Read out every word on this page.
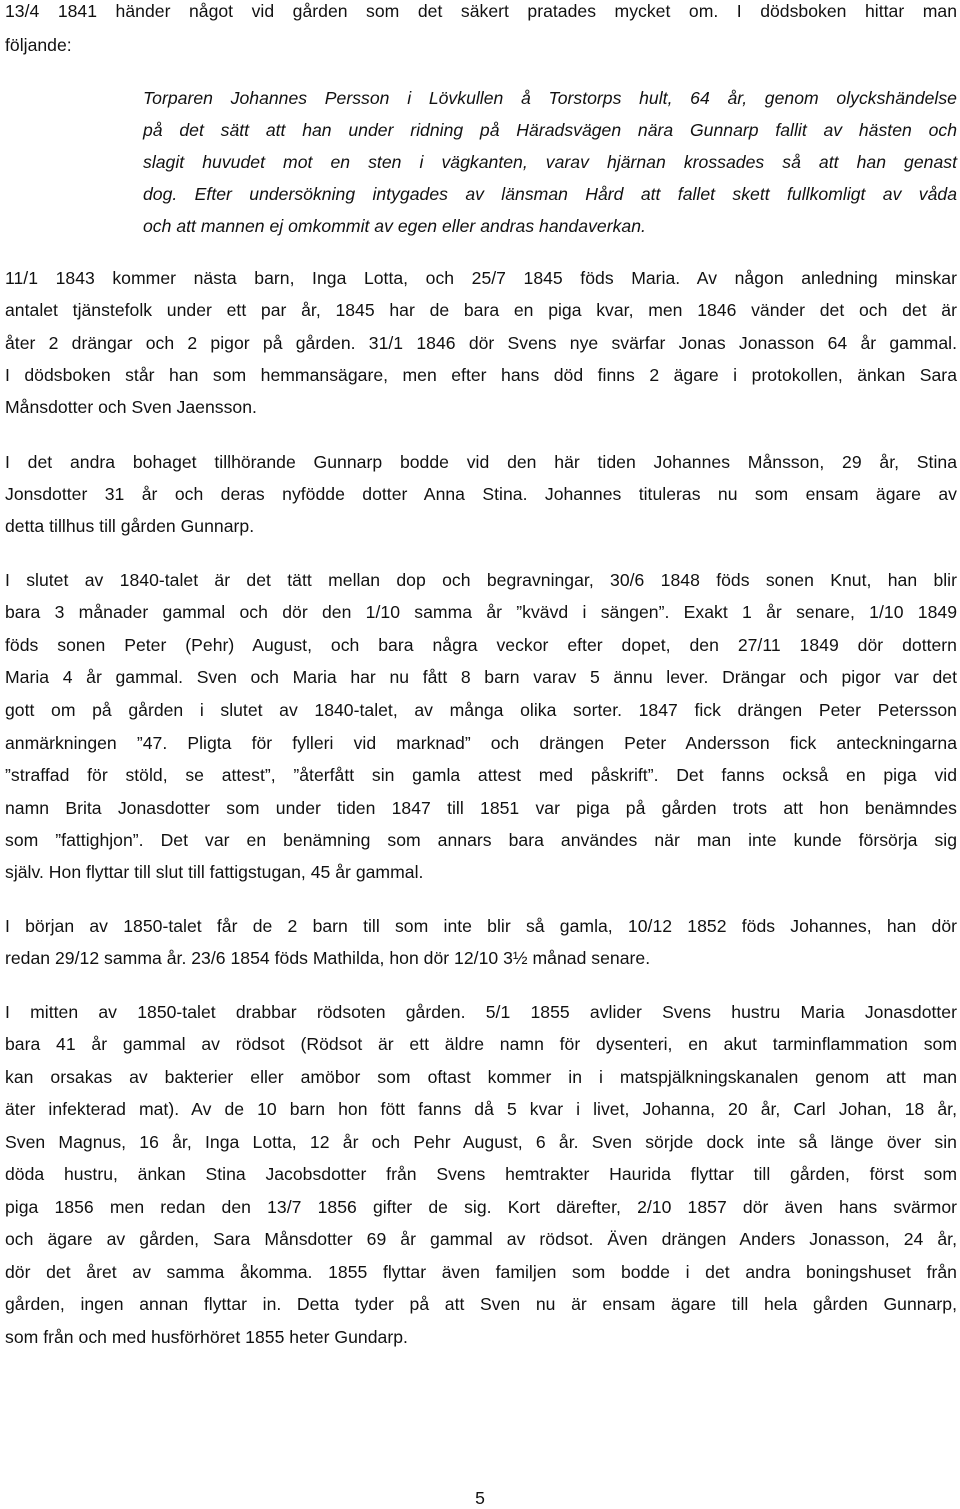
13/4 1841 händer något vid gården som det säkert pratades mycket om. I dödsboken hittar man
följande:
Torparen Johannes Persson i Lövkullen å Torstorps hult, 64 år, genom olyckshändelse
på det sätt att han under ridning på Häradsvägen nära Gunnarp fallit av hästen och
slagit huvudet mot en sten i vägkanten, varav hjärnan krossades så att han genast
dog. Efter undersökning intygades av länsman Hård att fallet skett fullkomligt av våda
och att mannen ej omkommit av egen eller andras handaverkan.
11/1 1843 kommer nästa barn, Inga Lotta, och 25/7 1845 föds Maria. Av någon anledning minskar
antalet tjänstefolk under ett par år, 1845 har de bara en piga kvar, men 1846 vänder det och det är
åter 2 drängar och 2 pigor på gården. 31/1 1846 dör Svens nye svärfar Jonas Jonasson 64 år gammal.
I dödsboken står han som hemmansägare, men efter hans död finns 2 ägare i protokollen, änkan Sara
Månsdotter och Sven Jaensson.
I det andra bohaget tillhörande Gunnarp bodde vid den här tiden Johannes Månsson, 29 år, Stina
Jonsdotter 31 år och deras nyfödde dotter Anna Stina. Johannes tituleras nu som ensam ägare av
detta tillhus till gården Gunnarp.
I slutet av 1840-talet är det tätt mellan dop och begravningar, 30/6 1848 föds sonen Knut, han blir
bara 3 månader gammal och dör den 1/10 samma år ”kvävd i sängen”. Exakt 1 år senare, 1/10 1849
föds sonen Peter (Pehr) August, och bara några veckor efter dopet, den 27/11 1849 dör dottern
Maria 4 år gammal. Sven och Maria har nu fått 8 barn varav 5 ännu lever. Drängar och pigor var det
gott om på gården i slutet av 1840-talet, av många olika sorter. 1847 fick drängen Peter Petersson
anmärkningen ”47. Pligta för fylleri vid marknad” och drängen Peter Andersson fick anteckningarna
”straffad för stöld, se attest”, ”återfått sin gamla attest med påskrift”. Det fanns också en piga vid
namn Brita Jonasdotter som under tiden 1847 till 1851 var piga på gården trots att hon benämndes
som ”fattighjon”. Det var en benämning som annars bara användes när man inte kunde försörja sig
själv. Hon flyttar till slut till fattigstugan, 45 år gammal.
I början av 1850-talet får de 2 barn till som inte blir så gamla, 10/12 1852 föds Johannes, han dör
redan 29/12 samma år. 23/6 1854 föds Mathilda, hon dör 12/10 3½ månad senare.
I mitten av 1850-talet drabbar rödsoten gården. 5/1 1855 avlider Svens hustru Maria Jonasdotter
bara 41 år gammal av rödsot (Rödsot är ett äldre namn för dysenteri, en akut tarminflammation som
kan orsakas av bakterier eller amöbor som oftast kommer in i matspjälkningskanalen genom att man
äter infekterad mat). Av de 10 barn hon fött fanns då 5 kvar i livet, Johanna, 20 år, Carl Johan, 18 år,
Sven Magnus, 16 år, Inga Lotta, 12 år och Pehr August, 6 år. Sven sörjde dock inte så länge över sin
döda hustru, änkan Stina Jacobsdotter från Svens hemtrakter Haurida flyttar till gården, först som
piga 1856 men redan den 13/7 1856 gifter de sig. Kort därefter, 2/10 1857 dör även hans svärmor
och ägare av gården, Sara Månsdotter 69 år gammal av rödsot. Även drängen Anders Jonasson, 24 år,
dör det året av samma åkomma. 1855 flyttar även familjen som bodde i det andra boningshuset från
gården, ingen annan flyttar in. Detta tyder på att Sven nu är ensam ägare till hela gården Gunnarp,
som från och med husförhöret 1855 heter Gundarp.
5
